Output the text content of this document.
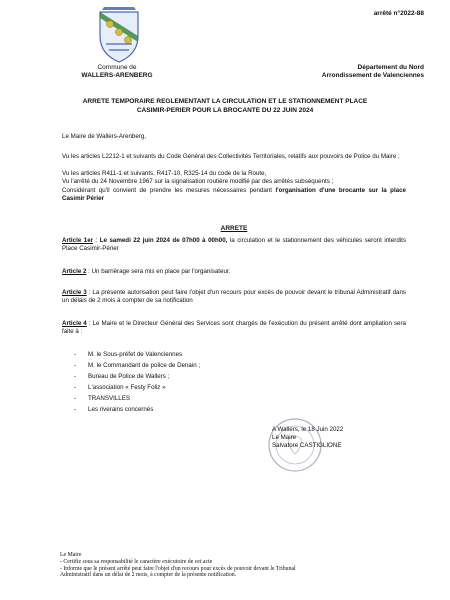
arrêté n°2022-88
Commune de
WALLERS-ARENBERG
Département du Nord
Arrondissement de Valenciennes
ARRETE TEMPORAIRE REGLEMENTANT LA CIRCULATION ET LE STATIONNEMENT PLACE
CASIMIR-PERIER POUR LA BROCANTE DU 22 JUIN 2024
Le Maire de Wallers-Arenberg,
Vu les articles L2212-1 et suivants du Code Général des Collectivités Territoriales, relatifs aux pouvoirs de Police du Maire ;
Vu les articles R411-1 et suivants, R417-10, R325-14 du code de la Route,
Vu l'arrêté du 24 Novembre 1967 sur la signalisation routière modifié par des arrêtés subséquents ;
Considérant qu'il convient de prendre les mesures nécessaires pendant l'organisation d'une brocante sur la place Casimir Périer
ARRETE
Article 1er : Le samedi 22 juin 2024 de 07h00 à 00h00, la circulation et le stationnement des véhicules seront interdits Place Casimir-Périer
Article 2 : Un barrièrage sera mis en place par l'organisateur.
Article 3 : La présente autorisation peut faire l'objet d'un recours pour excès de pouvoir devant le tribunal Administratif dans un délais de 2 mois à compter de sa notification
Article 4 : Le Maire et le Directeur Général des Services sont chargés de l'exécution du présent arrêté dont ampliation sera faite à :
- M. le Sous-préfet de Valenciennes
- M. le Commandant de police de Denain ;
- Bureau de Police de Wallers ;
- L'association « Festy Foliz »
- TRANSVILLES
- Les riverains concernés
A Wallers, le 18 Juin 2022
Le Maire
Salvatore CASTIGLIONE
Le Maire
- Certifie sous sa responsabilité le caractère exécutoire de cet acte
- Informe que le présent arrêté peut faire l'objet d'un recours pour excès de pouvoir devant le Tribunal
Administratif dans un délai de 2 mois, à compter de la présente notification.
